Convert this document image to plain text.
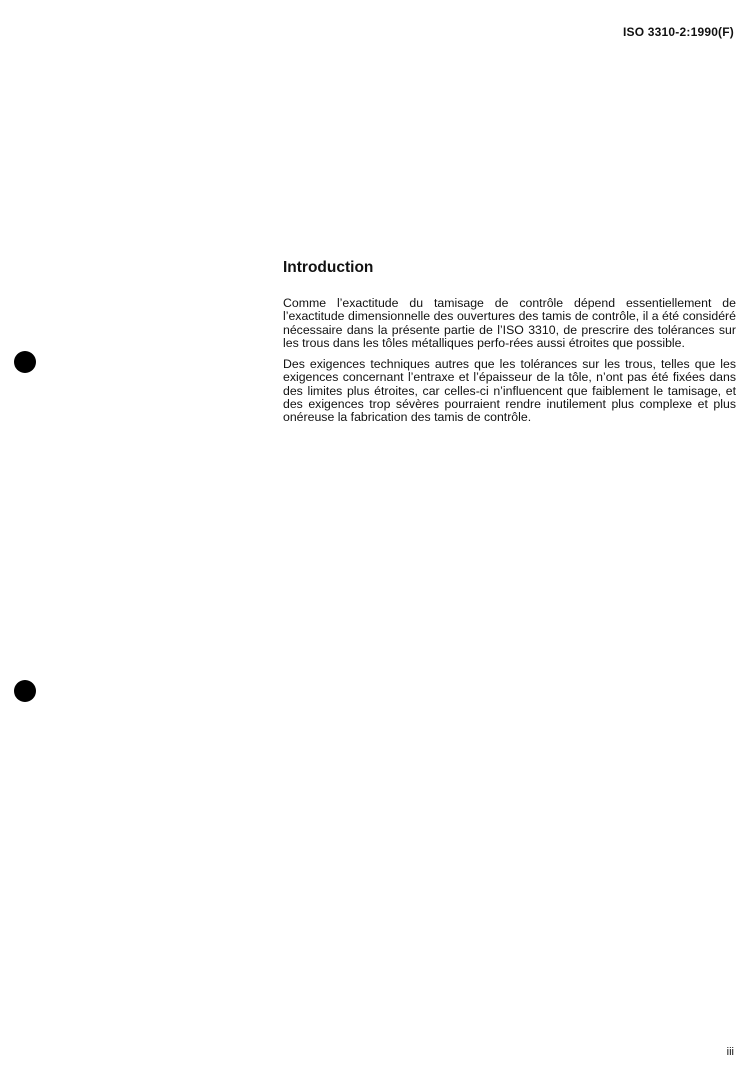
ISO 3310-2:1990(F)
Introduction

Comme l’exactitude du tamisage de contrôle dépend essentiellement de l’exactitude dimensionnelle des ouvertures des tamis de contrôle, il a été considéré nécessaire dans la présente partie de l’ISO 3310, de prescrire des tolérances sur les trous dans les tôles métalliques perfo-rées aussi étroites que possible.

Des exigences techniques autres que les tolérances sur les trous, telles que les exigences concernant l’entraxe et l’épaisseur de la tôle, n’ont pas été fixées dans des limites plus étroites, car celles-ci n’influencent que faiblement le tamisage, et des exigences trop sévères pourraient rendre inutilement plus complexe et plus onéreuse la fabrication des tamis de contrôle.

iii
